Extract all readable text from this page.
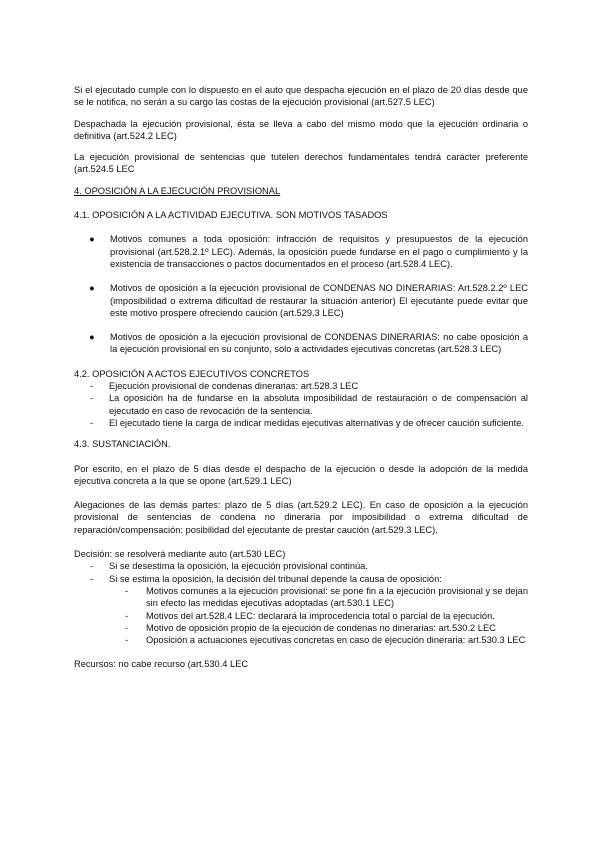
Si el ejecutado cumple con lo dispuesto en el auto que despacha ejecución en el plazo de 20 días desde que se le notifica, no serán a su cargo las costas de la ejecución provisional (art.527.5 LEC)

Despachada la ejecución provisional, ésta se lleva a cabo del mismo modo que la ejecución ordinaria o definitiva (art.524.2 LEC)

La ejecución provisional de sentencias que tutelen derechos fundamentales tendrá carácter preferente (art.524.5 LEC

4. OPOSICIÓN A LA EJECUCIÓN PROVISIONAL

4.1. OPOSICIÓN A LA ACTIVIDAD EJECUTIVA. SON MOTIVOS TASADOS

● Motivos comunes a toda oposición: infracción de requisitos y presupuestos de la ejecución provisional (art.528.2.1º LEC). Además, la oposición puede fundarse en el pago o cumplimiento y la existencia de transacciones o pactos documentados en el proceso (art.528.4 LEC).
● Motivos de oposición a la ejecución provisional de CONDENAS NO DINERARIAS: Art.528.2.2º LEC (imposibilidad o extrema dificultad de restaurar la situación anterior) El ejecutante puede evitar que este motivo prospere ofreciendo caución (art.529.3 LEC)
● Motivos de oposición a la ejecución provisional de CONDENAS DINERARIAS: no cabe oposición a la ejecución provisional en su conjunto, solo a actividades ejecutivas concretas (art.528.3 LEC)

4.2. OPOSICIÓN A ACTOS EJECUTIVOS CONCRETOS

- Ejecución provisional de condenas dinerarias: art.528.3 LEC
- La oposición ha de fundarse en la absoluta imposibilidad de restauración o de compensación al ejecutado en caso de revocación de la sentencia.
- El ejecutado tiene la carga de indicar medidas ejecutivas alternativas y de ofrecer caución suficiente.

4.3. SUSTANCIACIÓN.

Por escrito, en el plazo de 5 días desde el despacho de la ejecución o desde la adopción de la medida ejecutiva concreta a la que se opone (art.529.1 LEC)

Alegaciones de las demás partes: plazo de 5 días (art.529.2 LEC). En caso de oposición a la ejecución provisional de sentencias de condena no dineraria por imposibilidad o extrema dificultad de reparación/compensación: posibilidad del ejecutante de prestar caución (art.529.3 LEC).

Decisión: se resolverá mediante auto (art.530 LEC)

- Si se desestima la oposición, la ejecución provisional continúa.
- Si se estima la oposición, la decisión del tribunal depende la causa de oposición:
- Motivos comunes a la ejecución provisional: se pone fin a la ejecución provisional y se dejan sin efecto las medidas ejecutivas adoptadas (art.530.1 LEC)
- Motivos del art.528.4 LEC: declarará la improcedencia total o parcial de la ejecución.
- Motivo de oposición propio de la ejecución de condenas no dinerarias: art.530.2 LEC
- Oposición a actuaciones ejecutivas concretas en caso de ejecución dineraria: art.530.3 LEC

Recursos: no cabe recurso (art.530.4 LEC
